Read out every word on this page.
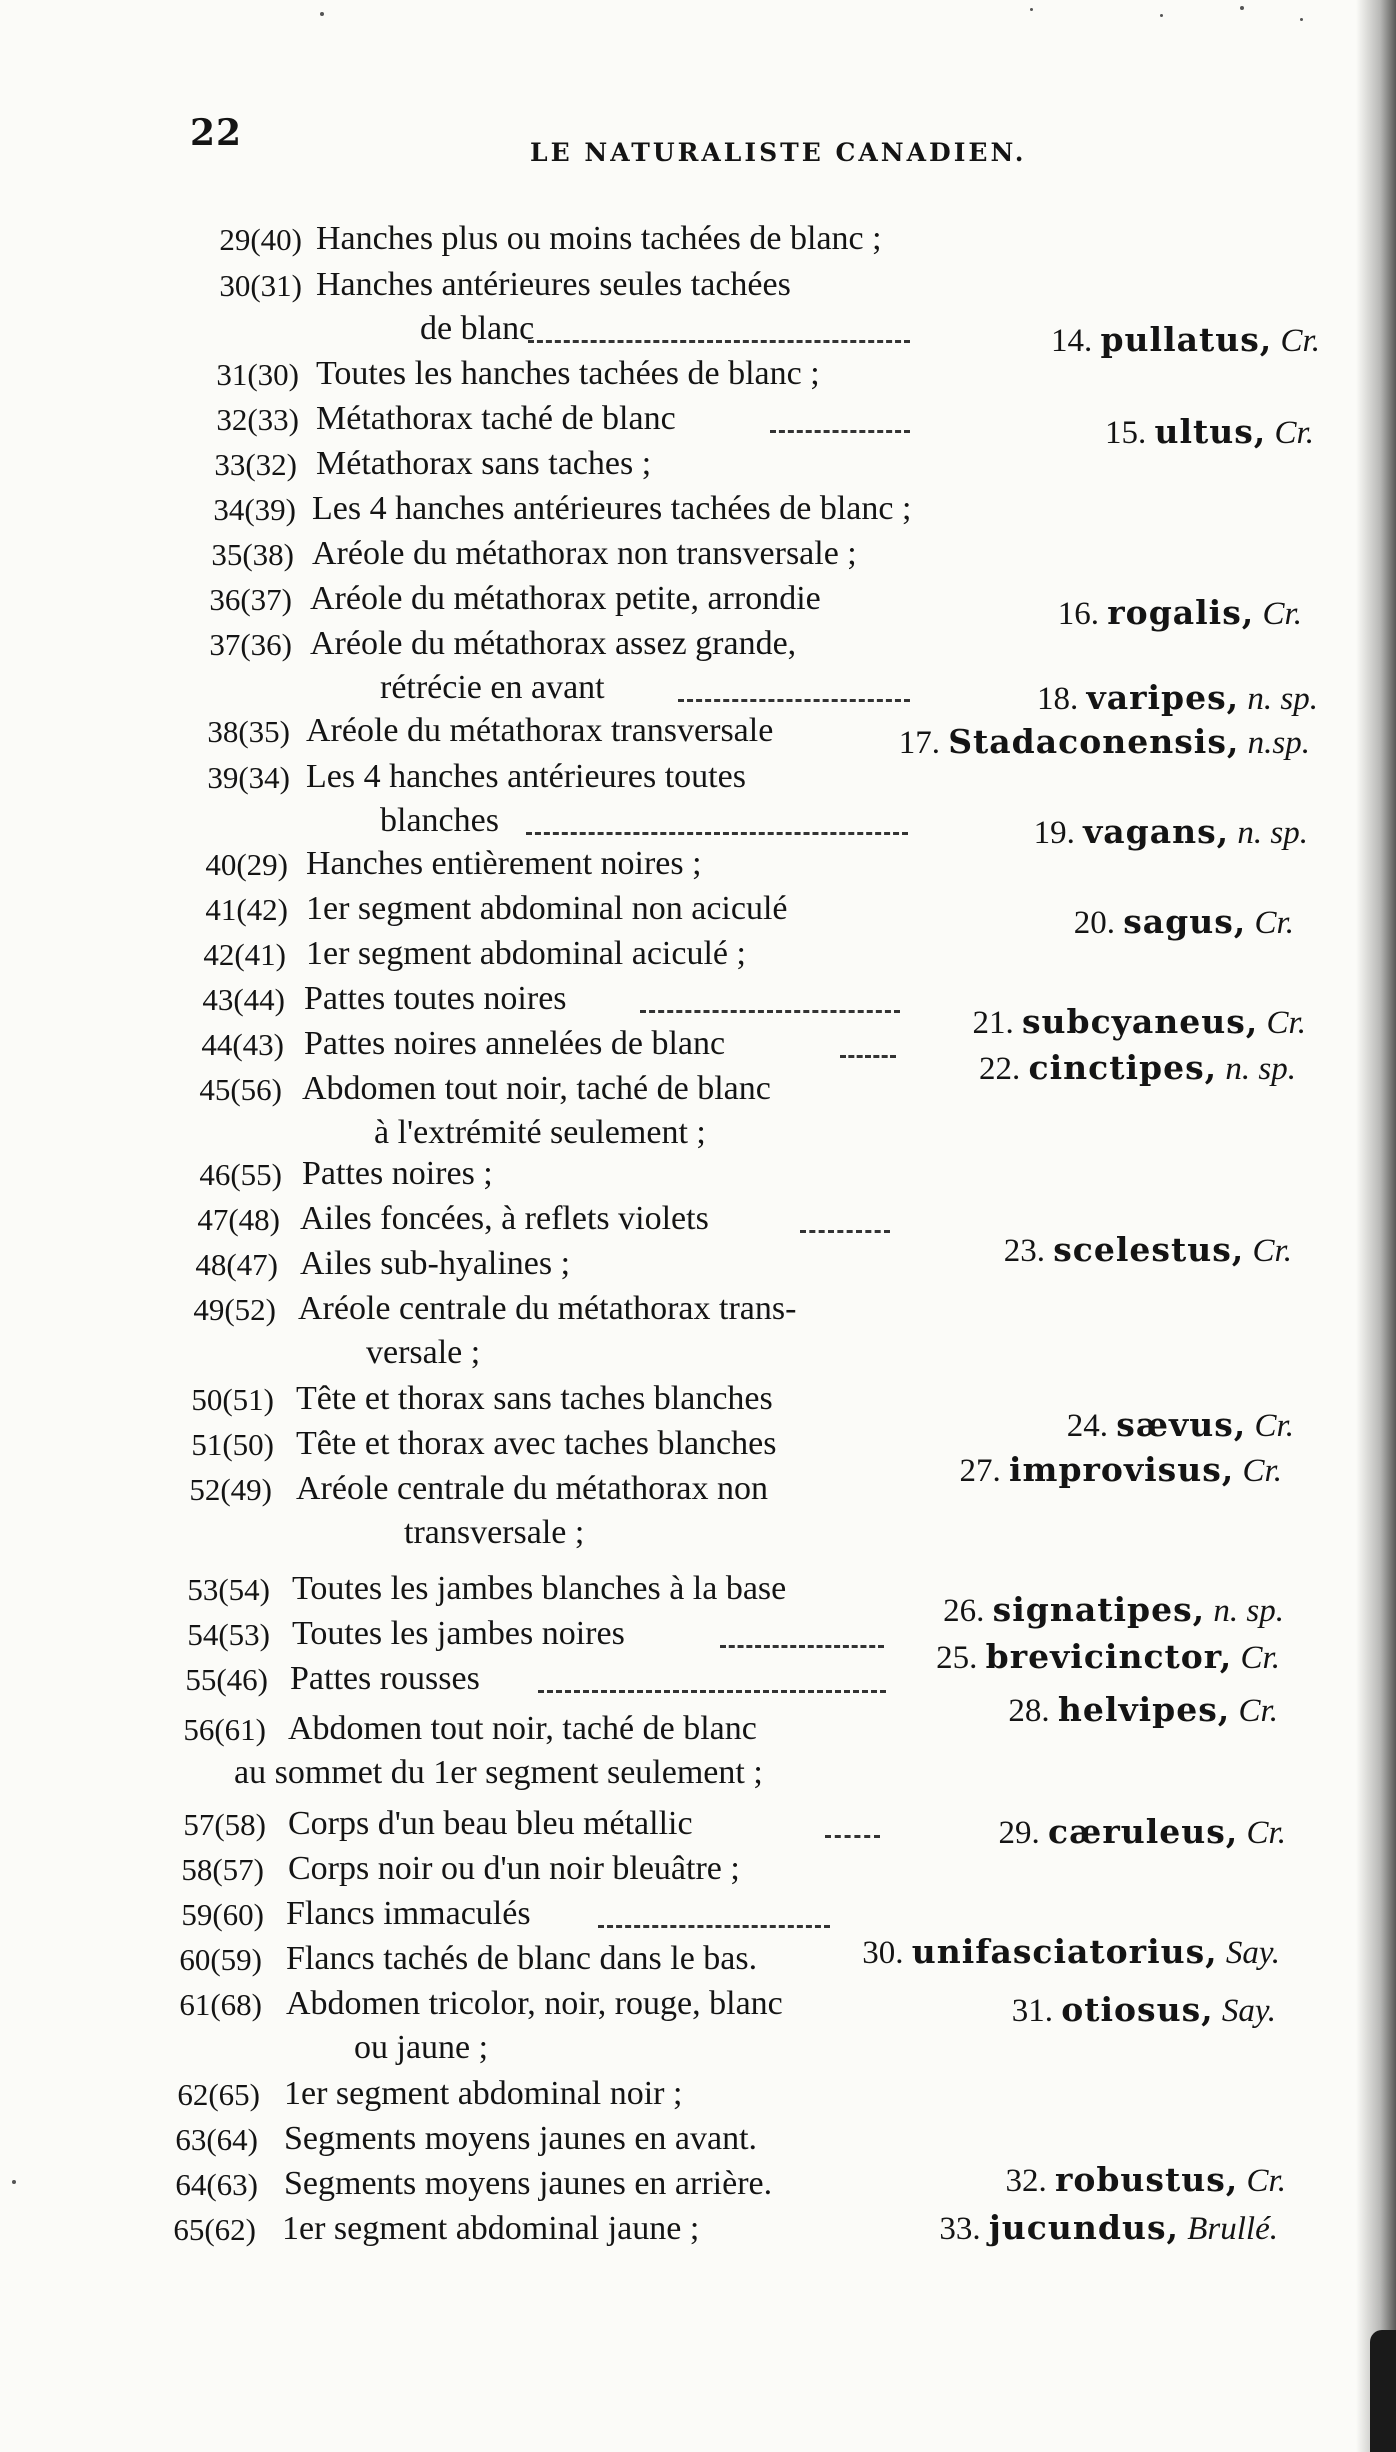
22	LE NATURALISTE CANADIEN.
29(40) Hanches plus ou moins tachées de blanc ;
30(31) Hanches antérieures seules tachées
de blanc
31(30) Toutes les hanches tachées de blanc ;
32(33) Métathorax taché de blanc
33(32) Métathorax sans taches ;
34(39) Les 4 hanches antérieures tachées de blanc ;
35(38) Aréole du métathorax non transversale ;
36(37) Aréole du métathorax petite, arrondie
37(36) Aréole du métathorax assez grande,
rétrécie en avant
38(35) Aréole du métathorax transversale
39(34) Les 4 hanches antérieures toutes
blanches
40(29) Hanches entièrement noires ;
41(42) 1er segment abdominal non aciculé
42(41) 1er segment abdominal aciculé ;
43(44) Pattes toutes noires
44(43) Pattes noires annelées de blanc
45(56) Abdomen tout noir, taché de blanc
à l'extrémité seulement ;
46(55) Pattes noires ;
47(48) Ailes foncées, à reflets violets
48(47) Ailes sub-hyalines ;
49(52) Aréole centrale du métathorax trans-
versale ;
50(51) Tête et thorax sans taches blanches
51(50) Tête et thorax avec taches blanches
52(49) Aréole centrale du métathorax non
transversale ;
53(54) Toutes les jambes blanches à la base
54(53) Toutes les jambes noires
55(46) Pattes rousses
56(61) Abdomen tout noir, taché de blanc
au sommet du 1er segment seulement ;
57(58) Corps d'un beau bleu métallic
58(57) Corps noir ou d'un noir bleuâtre ;
59(60) Flancs immaculés
60(59) Flancs tachés de blanc dans le bas.
61(68) Abdomen tricolor, noir, rouge, blanc
ou jaune ;
62(65) 1er segment abdominal noir ;
63(64) Segments moyens jaunes en avant.
64(63) Segments moyens jaunes en arrière.
65(62) 1er segment abdominal jaune ;
14. pullatus, Cr.
15. ultus, Cr.
16. rogalis, Cr.
18. varipes, n. sp.
17. Stadaconensis, n.sp.
19. vagans, n. sp.
20. sagus, Cr.
21. subcyaneus, Cr.
22. cinctipes, n. sp.
23. scelestus, Cr.
24. sævus, Cr.
27. improvisus, Cr.
26. signatipes, n. sp.
25. brevicinctor, Cr.
28. helvipes, Cr.
29. cæruleus, Cr.
30. unifasciatorius, Say.
31. otiosus, Say.
32. robustus, Cr.
33. jucundus, Brullé.
